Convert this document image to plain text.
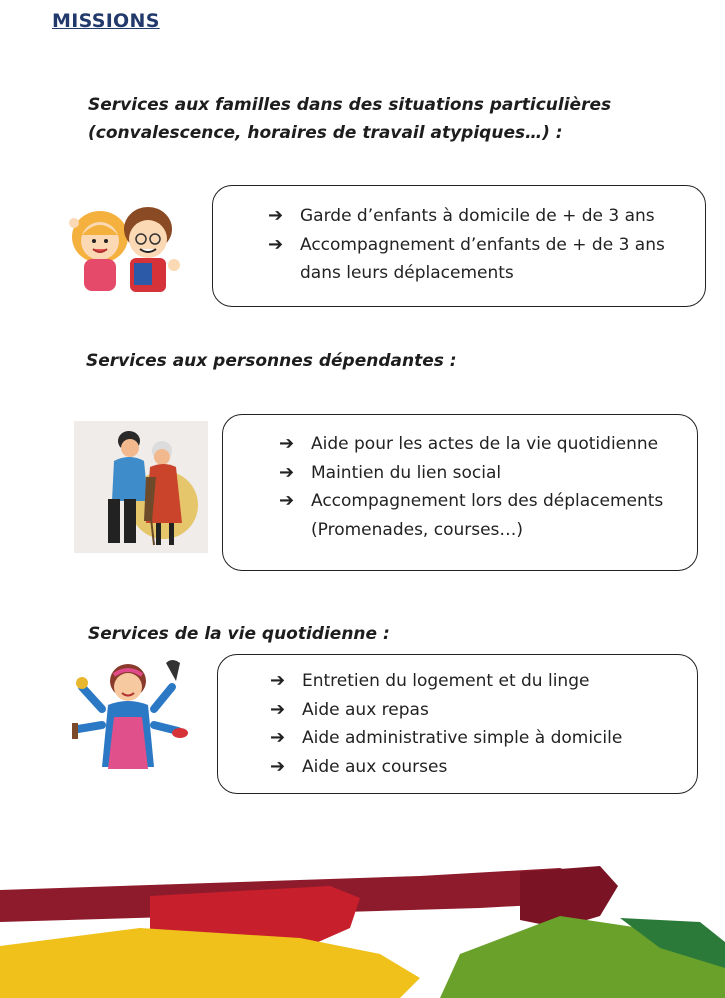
MISSIONS
Services aux familles dans des situations particulières (convalescence, horaires de travail atypiques…) :
➔ Garde d’enfants à domicile de + de 3 ans
➔ Accompagnement d’enfants de + de 3 ans dans leurs déplacements
Services aux personnes dépendantes :
➔ Aide pour les actes de la vie quotidienne
➔ Maintien du lien social
➔ Accompagnement lors des déplacements (Promenades, courses…)
Services de la vie quotidienne :
➔ Entretien du logement et du linge
➔ Aide aux repas
➔ Aide administrative simple à domicile
➔ Aide aux courses
